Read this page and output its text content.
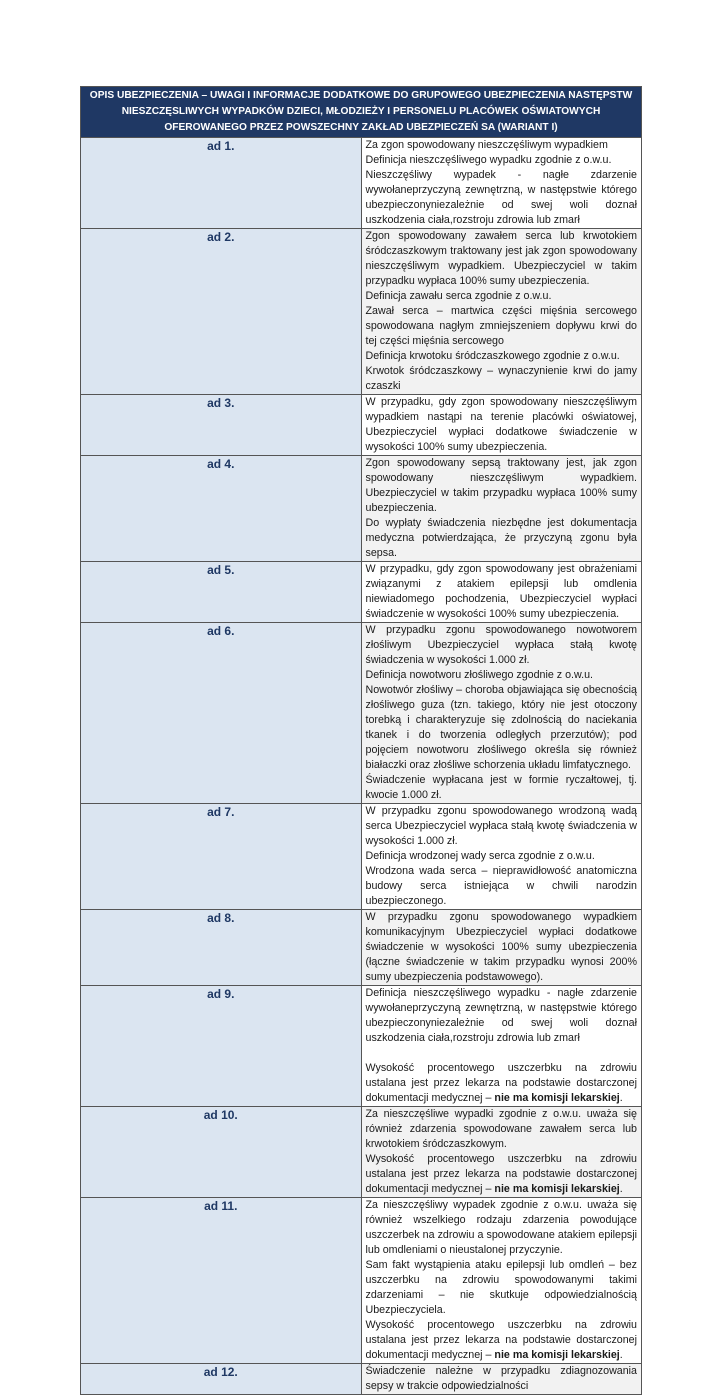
OPIS UBEZPIECZENIA – UWAGI I INFORMACJE DODATKOWE DO GRUPOWEGO UBEZPIECZENIA NASTĘPSTW
NIESZCZĘSLIWYCH WYPADKÓW DZIECI, MŁODZIEŻY I PERSONELU PLACÓWEK OŚWIATOWYCH
OFEROWANEGO PRZEZ POWSZECHNY ZAKŁAD UBEZPIECZEŃ SA (WARIANT I)	

ad 1.	Za zgon spowodowany nieszczęśliwym wypadkiem
Definicja nieszczęśliwego wypadku zgodnie z o.w.u.
Nieszczęśliwy wypadek - nagłe zdarzenie wywołaneprzyczyną zewnętrzną, w następstwie którego ubezpieczonyniezależnie od swej woli doznał uszkodzenia ciała,rozstroju zdrowia lub zmarł

ad 2.	Zgon spowodowany zawałem serca lub krwotokiem śródczaszkowym traktowany jest jak zgon spowodowany nieszczęśliwym wypadkiem. Ubezpieczyciel w takim przypadku wypłaca 100% sumy ubezpieczenia.
Definicja zawału serca zgodnie z o.w.u.
Zawał serca – martwica części mięśnia sercowego spowodowana nagłym zmniejszeniem dopływu krwi do tej części mięśnia sercowego
Definicja krwotoku śródczaszkowego zgodnie z o.w.u.
Krwotok śródczaszkowy – wynaczynienie krwi do jamy czaszki

ad 3.	W przypadku, gdy zgon spowodowany nieszczęśliwym wypadkiem nastąpi na terenie placówki oświatowej, Ubezpieczyciel wypłaci dodatkowe świadczenie w wysokości 100% sumy ubezpieczenia.

ad 4.	Zgon spowodowany sepsą traktowany jest, jak zgon spowodowany nieszczęśliwym wypadkiem. Ubezpieczyciel w takim przypadku wypłaca 100% sumy ubezpieczenia.
Do wypłaty świadczenia niezbędne jest dokumentacja medyczna potwierdzająca, że przyczyną zgonu była sepsa.

ad 5.	W przypadku, gdy zgon spowodowany jest obrażeniami związanymi z atakiem epilepsji lub omdlenia niewiadomego pochodzenia, Ubezpieczyciel wypłaci świadczenie w wysokości 100% sumy ubezpieczenia.

ad 6.	W przypadku zgonu spowodowanego nowotworem złośliwym Ubezpieczyciel wypłaca stałą kwotę świadczenia w wysokości 1.000 zł.
Definicja nowotworu złośliwego zgodnie z o.w.u.
Nowotwór złośliwy – choroba objawiająca się obecnością złośliwego guza (tzn. takiego, który nie jest otoczony torebką i charakteryzuje się zdolnością do naciekania tkanek i do tworzenia odległych przerzutów); pod pojęciem nowotworu złośliwego określa się również białaczki oraz złośliwe schorzenia układu limfatycznego.
Świadczenie wypłacana jest w formie ryczałtowej, tj. kwocie 1.000 zł.

ad 7.	W przypadku zgonu spowodowanego wrodzoną wadą serca Ubezpieczyciel wypłaca stałą kwotę świadczenia w wysokości 1.000 zł.
Definicja wrodzonej wady serca zgodnie z o.w.u.
Wrodzona wada serca – nieprawidłowość anatomiczna budowy serca istniejąca w chwili narodzin ubezpieczonego.

ad 8.	W przypadku zgonu spowodowanego wypadkiem komunikacyjnym Ubezpieczyciel wypłaci dodatkowe świadczenie w wysokości 100% sumy ubezpieczenia (łączne świadczenie w takim przypadku wynosi 200% sumy ubezpieczenia podstawowego).

ad 9.	Definicja nieszczęśliwego wypadku - nagłe zdarzenie wywołaneprzyczyną zewnętrzną, w następstwie którego ubezpieczonyniezależnie od swej woli doznał uszkodzenia ciała,rozstroju zdrowia lub zmarł
Wysokość procentowego uszczerbku na zdrowiu ustalana jest przez lekarza na podstawie dostarczonej dokumentacji medycznej – nie ma komisji lekarskiej.

ad 10.	Za nieszczęśliwe wypadki zgodnie z o.w.u. uważa się również zdarzenia spowodowane zawałem serca lub krwotokiem śródczaszkowym.
Wysokość procentowego uszczerbku na zdrowiu ustalana jest przez lekarza na podstawie dostarczonej dokumentacji medycznej – nie ma komisji lekarskiej.

ad 11.	Za nieszczęśliwy wypadek zgodnie z o.w.u. uważa się również wszelkiego rodzaju zdarzenia powodujące uszczerbek na zdrowiu a spowodowane atakiem epilepsji lub omdleniami o nieustalonej przyczynie.
Sam fakt wystąpienia ataku epilepsji lub omdleń – bez uszczerbku na zdrowiu spowodowanymi takimi zdarzeniami – nie skutkuje odpowiedzialnością Ubezpieczyciela.
Wysokość procentowego uszczerbku na zdrowiu ustalana jest przez lekarza na podstawie dostarczonej dokumentacji medycznej – nie ma komisji lekarskiej.

ad 12.	Świadczenie należne w przypadku zdiagnozowania sepsy w trakcie odpowiedzialności
